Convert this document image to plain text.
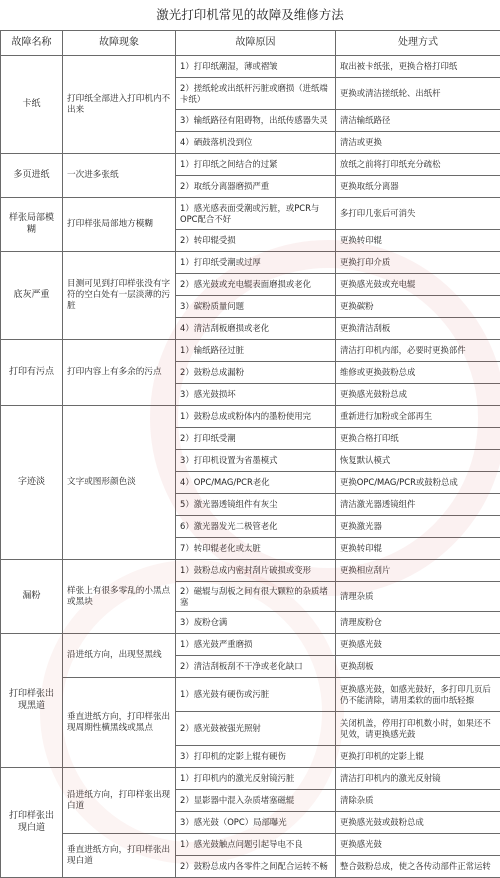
激光打印机常见的故障及维修方法
故障名称	故障现象	故障原因	处理方式
卡纸	打印纸全部进入打印机内不出来	1）打印纸潮湿，薄或褶皱	取出被卡纸张，更换合格打印纸
		2）搓纸轮或出纸杆污脏或磨损（进纸端卡纸）	更换或清洁搓纸轮、出纸杆
		3）输纸路径有阻碍物，出纸传感器失灵	清洁输纸路径
		4）硒鼓落机没到位	清洁或更换
多页进纸	一次进多张纸	1）打印纸之间结合的过紧	放纸之前将打印纸充分疏松
		2）取纸分离器磨损严重	更换取纸分离器
样张局部模糊	打印样张局部地方模糊	1）感光感表面受潮或污脏，或PCR与OPC配合不好	多打印几张后可消失
		2）转印辊受损	更换转印辊
底灰严重	目测可见到打印样张没有字符的空白处有一层淡薄的污脏	1）打印纸受潮或过厚	更换打印介质
		2）感光鼓或充电辊表面磨损或老化	更换感光鼓或充电辊
		3）碳粉质量问题	更换碳粉
		4）清洁刮板磨损或老化	更换清洁刮板
打印有污点	打印内容上有多余的污点	1）输纸路径过脏	清洁打印机内部，必要时更换部件
		2）鼓粉总成漏粉	维修或更换鼓粉总成
		3）感光鼓损坏	更换感光鼓粉总成
字迹淡	文字或图形颜色淡	1）鼓粉总成或粉体内的墨粉使用完	重新进行加粉或全部再生
		2）打印纸受潮	更换合格打印纸
		3）打印机设置为省墨模式	恢复默认模式
		4）OPC/MAG/PCR老化	更换OPC/MAG/PCR或鼓粉总成
		5）激光器透镜组件有灰尘	清洁激光器透镜组件
		6）激光器发光二极管老化	更换激光器
		7）转印辊老化或太脏	更换转印辊
漏粉	样张上有很多零乱的小黑点或黑块	1）鼓粉总成内密封刮片破损或变形	更换相应刮片
		2）磁辊与刮板之间有很大颗粒的杂质堵塞	清理杂质
		3）废粉仓满	清理废粉仓
打印样张出现黑道	沿进纸方向，出现竖黑线	1）感光鼓严重磨损	更换感光鼓
		2）清洁刮板刮不干净或老化缺口	更换刮板
	垂直进纸方向，打印样张出现周期性横黑线或黑点	1）感光鼓有硬伤或污脏	更换感光鼓，如感光鼓好，多打印几页后仍不能清除，请用柔软的面巾纸轻擦
		2）感光鼓被强光照射	关闭机盖，停用打印机数小时，如果还不见效，请更换感光鼓
		3）打印机的定影上辊有硬伤	更换打印机的定影上辊
打印样张出现白道	沿进纸方向，打印样张出现白道	1）打印机内的激光反射镜污脏	清洁打印机内的激光反射镜
		2）显影器中混入杂质堵塞磁辊	清除杂质
		3）感光鼓（OPC）局部曝光	更换感光鼓或鼓粉总成
	垂直进纸方向，打印样张出现白道	1）感光鼓触点问题引起导电不良	更换感光鼓
		2）鼓粉总成内各零件之间配合运转不畅	整合鼓粉总成，使之各传动部件正常运转
